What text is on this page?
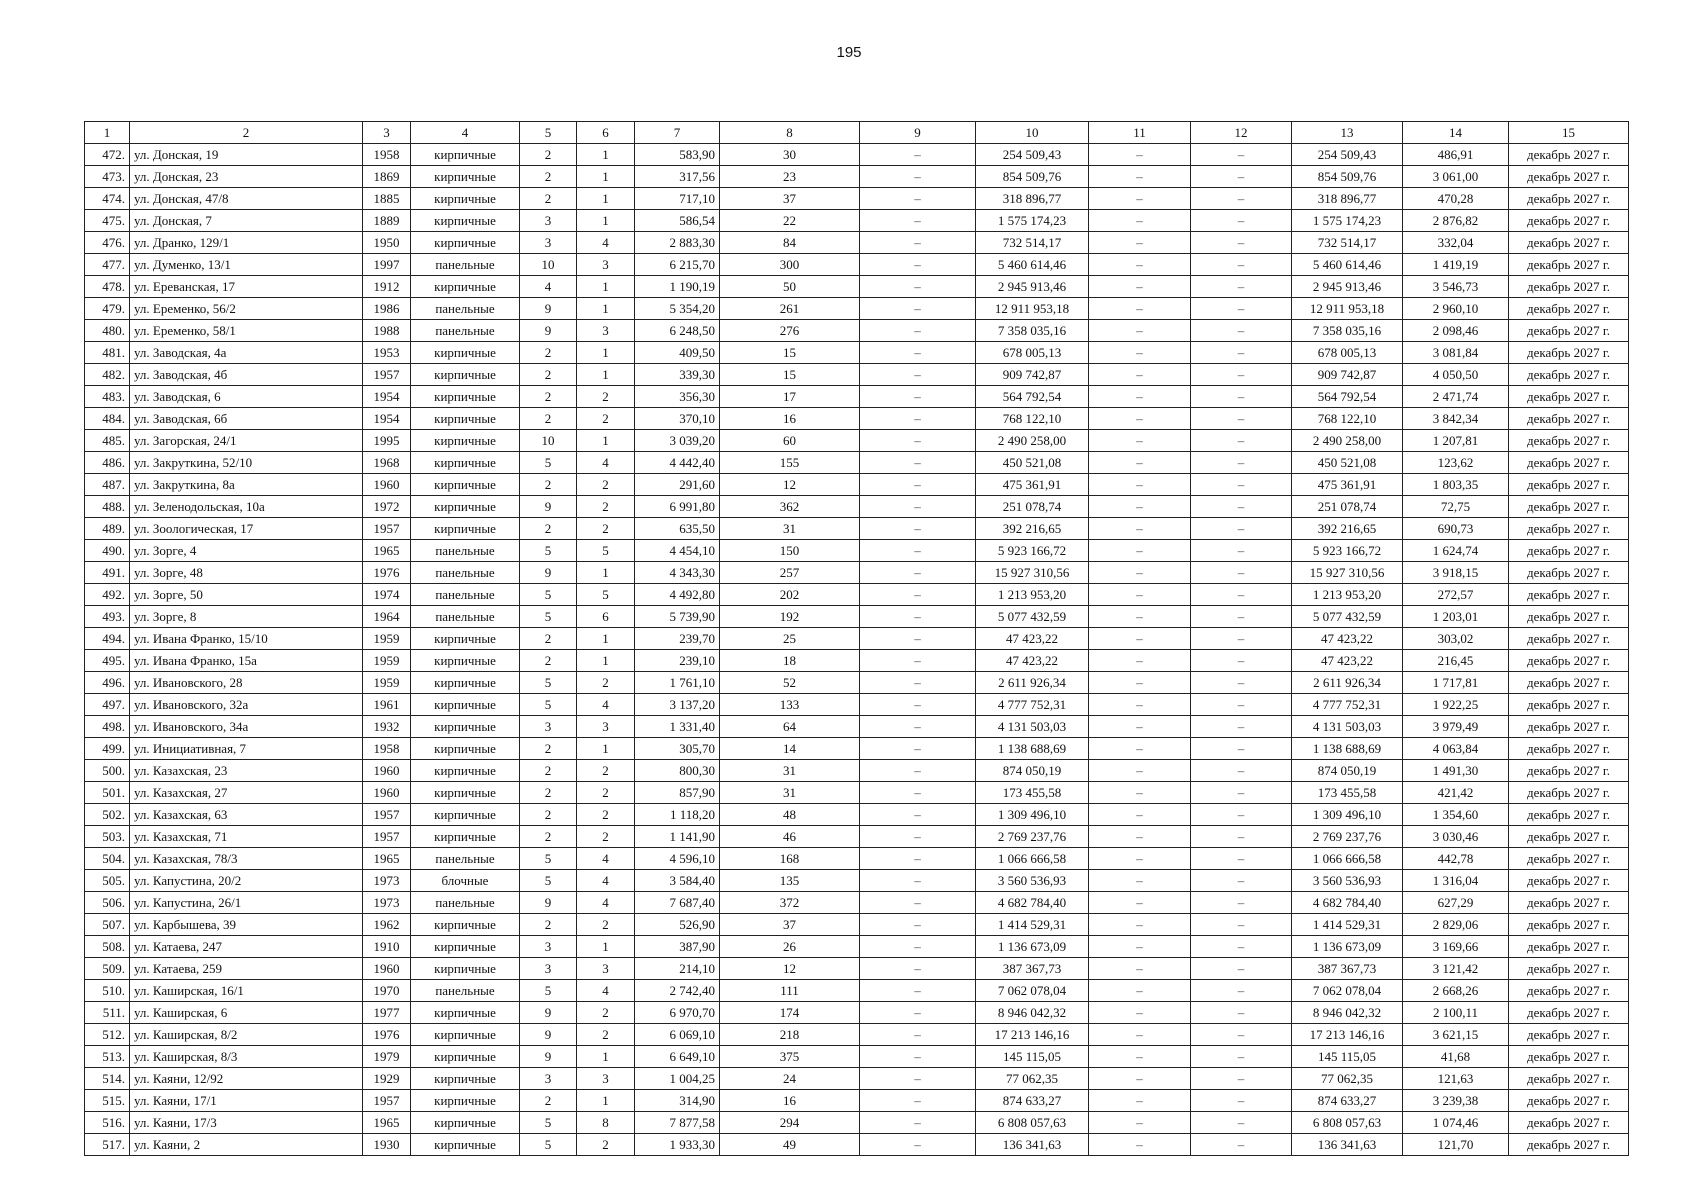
195
1	2	3	4	5	6	7	8	9	10	11	12	13	14	15
472.	ул. Донская, 19	1958	кирпичные	2	1	583,90	30	–	254 509,43	–	–	254 509,43	486,91	декабрь 2027 г.
473.	ул. Донская, 23	1869	кирпичные	2	1	317,56	23	–	854 509,76	–	–	854 509,76	3 061,00	декабрь 2027 г.
474.	ул. Донская, 47/8	1885	кирпичные	2	1	717,10	37	–	318 896,77	–	–	318 896,77	470,28	декабрь 2027 г.
475.	ул. Донская, 7	1889	кирпичные	3	1	586,54	22	–	1 575 174,23	–	–	1 575 174,23	2 876,82	декабрь 2027 г.
476.	ул. Дранко, 129/1	1950	кирпичные	3	4	2 883,30	84	–	732 514,17	–	–	732 514,17	332,04	декабрь 2027 г.
477.	ул. Думенко, 13/1	1997	панельные	10	3	6 215,70	300	–	5 460 614,46	–	–	5 460 614,46	1 419,19	декабрь 2027 г.
478.	ул. Ереванская, 17	1912	кирпичные	4	1	1 190,19	50	–	2 945 913,46	–	–	2 945 913,46	3 546,73	декабрь 2027 г.
479.	ул. Еременко, 56/2	1986	панельные	9	1	5 354,20	261	–	12 911 953,18	–	–	12 911 953,18	2 960,10	декабрь 2027 г.
480.	ул. Еременко, 58/1	1988	панельные	9	3	6 248,50	276	–	7 358 035,16	–	–	7 358 035,16	2 098,46	декабрь 2027 г.
481.	ул. Заводская, 4а	1953	кирпичные	2	1	409,50	15	–	678 005,13	–	–	678 005,13	3 081,84	декабрь 2027 г.
482.	ул. Заводская, 4б	1957	кирпичные	2	1	339,30	15	–	909 742,87	–	–	909 742,87	4 050,50	декабрь 2027 г.
483.	ул. Заводская, 6	1954	кирпичные	2	2	356,30	17	–	564 792,54	–	–	564 792,54	2 471,74	декабрь 2027 г.
484.	ул. Заводская, 6б	1954	кирпичные	2	2	370,10	16	–	768 122,10	–	–	768 122,10	3 842,34	декабрь 2027 г.
485.	ул. Загорская, 24/1	1995	кирпичные	10	1	3 039,20	60	–	2 490 258,00	–	–	2 490 258,00	1 207,81	декабрь 2027 г.
486.	ул. Закруткина, 52/10	1968	кирпичные	5	4	4 442,40	155	–	450 521,08	–	–	450 521,08	123,62	декабрь 2027 г.
487.	ул. Закруткина, 8а	1960	кирпичные	2	2	291,60	12	–	475 361,91	–	–	475 361,91	1 803,35	декабрь 2027 г.
488.	ул. Зеленодольская, 10а	1972	кирпичные	9	2	6 991,80	362	–	251 078,74	–	–	251 078,74	72,75	декабрь 2027 г.
489.	ул. Зоологическая, 17	1957	кирпичные	2	2	635,50	31	–	392 216,65	–	–	392 216,65	690,73	декабрь 2027 г.
490.	ул. Зорге, 4	1965	панельные	5	5	4 454,10	150	–	5 923 166,72	–	–	5 923 166,72	1 624,74	декабрь 2027 г.
491.	ул. Зорге, 48	1976	панельные	9	1	4 343,30	257	–	15 927 310,56	–	–	15 927 310,56	3 918,15	декабрь 2027 г.
492.	ул. Зорге, 50	1974	панельные	5	5	4 492,80	202	–	1 213 953,20	–	–	1 213 953,20	272,57	декабрь 2027 г.
493.	ул. Зорге, 8	1964	панельные	5	6	5 739,90	192	–	5 077 432,59	–	–	5 077 432,59	1 203,01	декабрь 2027 г.
494.	ул. Ивана Франко, 15/10	1959	кирпичные	2	1	239,70	25	–	47 423,22	–	–	47 423,22	303,02	декабрь 2027 г.
495.	ул. Ивана Франко, 15а	1959	кирпичные	2	1	239,10	18	–	47 423,22	–	–	47 423,22	216,45	декабрь 2027 г.
496.	ул. Ивановского, 28	1959	кирпичные	5	2	1 761,10	52	–	2 611 926,34	–	–	2 611 926,34	1 717,81	декабрь 2027 г.
497.	ул. Ивановского, 32а	1961	кирпичные	5	4	3 137,20	133	–	4 777 752,31	–	–	4 777 752,31	1 922,25	декабрь 2027 г.
498.	ул. Ивановского, 34а	1932	кирпичные	3	3	1 331,40	64	–	4 131 503,03	–	–	4 131 503,03	3 979,49	декабрь 2027 г.
499.	ул. Инициативная, 7	1958	кирпичные	2	1	305,70	14	–	1 138 688,69	–	–	1 138 688,69	4 063,84	декабрь 2027 г.
500.	ул. Казахская, 23	1960	кирпичные	2	2	800,30	31	–	874 050,19	–	–	874 050,19	1 491,30	декабрь 2027 г.
501.	ул. Казахская, 27	1960	кирпичные	2	2	857,90	31	–	173 455,58	–	–	173 455,58	421,42	декабрь 2027 г.
502.	ул. Казахская, 63	1957	кирпичные	2	2	1 118,20	48	–	1 309 496,10	–	–	1 309 496,10	1 354,60	декабрь 2027 г.
503.	ул. Казахская, 71	1957	кирпичные	2	2	1 141,90	46	–	2 769 237,76	–	–	2 769 237,76	3 030,46	декабрь 2027 г.
504.	ул. Казахская, 78/3	1965	панельные	5	4	4 596,10	168	–	1 066 666,58	–	–	1 066 666,58	442,78	декабрь 2027 г.
505.	ул. Капустина, 20/2	1973	блочные	5	4	3 584,40	135	–	3 560 536,93	–	–	3 560 536,93	1 316,04	декабрь 2027 г.
506.	ул. Капустина, 26/1	1973	панельные	9	4	7 687,40	372	–	4 682 784,40	–	–	4 682 784,40	627,29	декабрь 2027 г.
507.	ул. Карбышева, 39	1962	кирпичные	2	2	526,90	37	–	1 414 529,31	–	–	1 414 529,31	2 829,06	декабрь 2027 г.
508.	ул. Катаева, 247	1910	кирпичные	3	1	387,90	26	–	1 136 673,09	–	–	1 136 673,09	3 169,66	декабрь 2027 г.
509.	ул. Катаева, 259	1960	кирпичные	3	3	214,10	12	–	387 367,73	–	–	387 367,73	3 121,42	декабрь 2027 г.
510.	ул. Каширская, 16/1	1970	панельные	5	4	2 742,40	111	–	7 062 078,04	–	–	7 062 078,04	2 668,26	декабрь 2027 г.
511.	ул. Каширская, 6	1977	кирпичные	9	2	6 970,70	174	–	8 946 042,32	–	–	8 946 042,32	2 100,11	декабрь 2027 г.
512.	ул. Каширская, 8/2	1976	кирпичные	9	2	6 069,10	218	–	17 213 146,16	–	–	17 213 146,16	3 621,15	декабрь 2027 г.
513.	ул. Каширская, 8/3	1979	кирпичные	9	1	6 649,10	375	–	145 115,05	–	–	145 115,05	41,68	декабрь 2027 г.
514.	ул. Каяни, 12/92	1929	кирпичные	3	3	1 004,25	24	–	77 062,35	–	–	77 062,35	121,63	декабрь 2027 г.
515.	ул. Каяни, 17/1	1957	кирпичные	2	1	314,90	16	–	874 633,27	–	–	874 633,27	3 239,38	декабрь 2027 г.
516.	ул. Каяни, 17/3	1965	кирпичные	5	8	7 877,58	294	–	6 808 057,63	–	–	6 808 057,63	1 074,46	декабрь 2027 г.
517.	ул. Каяни, 2	1930	кирпичные	5	2	1 933,30	49	–	136 341,63	–	–	136 341,63	121,70	декабрь 2027 г.
